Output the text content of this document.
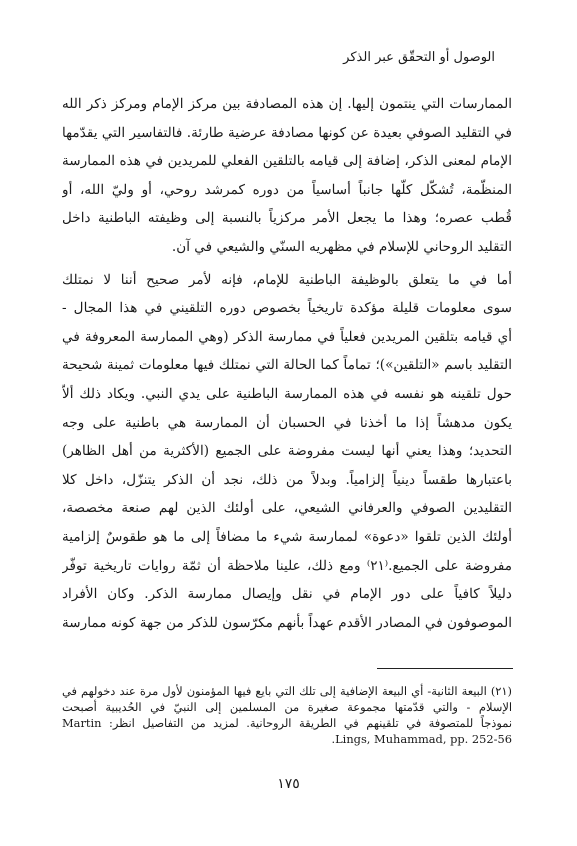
الوصول أو التحقّق عبر الذكر
الممارسات التي ينتمون إليها. إن هذه المصادفة بين مركز الإمام ومركز ذكر الله
في التقليد الصوفي بعيدة عن كونها مصادفة عرضية طارئة. فالتفاسير التي يقدّمها
الإمام لمعنى الذكر، إضافة إلى قيامه بالتلقين الفعلي للمريدين في هذه الممارسة
المنظّمة، تُشكّل كلّها جانباً أساسياً من دوره كمرشد روحي، أو وليّ الله، أو
قُطب عصره؛ وهذا ما يجعل الأمر مركزياً بالنسبة إلى وظيفته الباطنية داخل
التقليد الروحاني للإسلام في مظهريه السنّي والشيعي في آن.
أما في ما يتعلق بالوظيفة الباطنية للإمام، فإنه لأمر صحيح أننا لا نمتلك
سوى معلومات قليلة مؤكدة تاريخياً بخصوص دوره التلقيني في هذا المجال -
أي قيامه بتلقين المريدين فعلياً في ممارسة الذكر (وهي الممارسة المعروفة في
التقليد باسم «التلقين»)؛ تماماً كما الحالة التي نمتلك فيها معلومات ثمينة شحيحة
حول تلقينه هو نفسه في هذه الممارسة الباطنية على يدي النبي. ويكاد ذلك ألاّ
يكون مدهشاً إذا ما أخذنا في الحسبان أن الممارسة هي باطنية على وجه
التحديد؛ وهذا يعني أنها ليست مفروضة على الجميع (الأكثرية من أهل الظاهر)
باعتبارها طقساً دينياً إلزامياً. وبدلاً من ذلك، نجد أن الذكر يتنزّل، داخل كلا
التقليدين الصوفي والعرفاني الشيعي، على أولئك الذين لهم صنعة مخصصة،
أولئك الذين تلقوا «دعوة» لممارسة شيء ما مضافاً إلى ما هو طقوسٌ إلزامية
مفروضة على الجميع.⁽٢١⁾ ومع ذلك، علينا ملاحظة أن ثمّة روايات تاريخية توفّر
دليلاً كافياً على دور الإمام في نقل وإيصال ممارسة الذكر. وكان الأفراد
الموصوفون في المصادر الأقدم عهداً بأنهم مكرّسون للذكر من جهة كونه ممارسة
(٢١) البيعة الثانية- أي البيعة الإضافية إلى تلك التي بايع فيها المؤمنون لأول مرة عند دخولهم في
الإسلام - والتي قدّمتها مجموعة صغيرة من المسلمين إلى النبيّ في الحُديبية أصبحت
نموذجاً للمتصوفة في تلقينهم في الطريقة الروحانية. لمزيد من التفاصيل انظر: Martin
Lings, Muhammad, pp. 252-56.
١٧٥
